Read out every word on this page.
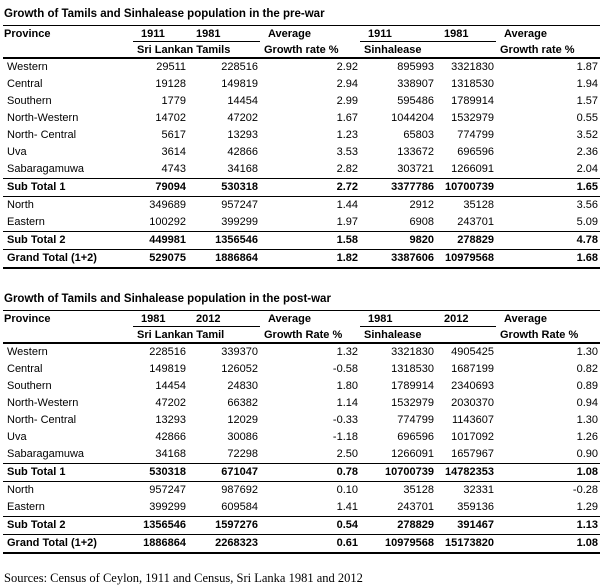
Growth of Tamils and Sinhalease population in the pre-war
Province	1911	1981	Average	1911	1981	Average
	Sri Lankan Tamils		Growth rate %	Sinhalease		Growth rate %
Western	29511	228516	2.92	895993	3321830	1.87
Central	19128	149819	2.94	338907	1318530	1.94
Southern	1779	14454	2.99	595486	1789914	1.57
North-Western	14702	47202	1.67	1044204	1532979	0.55
North- Central	5617	13293	1.23	65803	774799	3.52
Uva	3614	42866	3.53	133672	696596	2.36
Sabaragamuwa	4743	34168	2.82	303721	1266091	2.04
Sub Total 1	79094	530318	2.72	3377786	10700739	1.65
North	349689	957247	1.44	2912	35128	3.56
Eastern	100292	399299	1.97	6908	243701	5.09
Sub Total 2	449981	1356546	1.58	9820	278829	4.78
Grand Total (1+2)	529075	1886864	1.82	3387606	10979568	1.68
Growth of Tamils and Sinhalease population in the post-war
Province	1981	2012	Average	1981	2012	Average
	Sri Lankan Tamil		Growth Rate %	Sinhalease		Growth Rate %
Western	228516	339370	1.32	3321830	4905425	1.30
Central	149819	126052	-0.58	1318530	1687199	0.82
Southern	14454	24830	1.80	1789914	2340693	0.89
North-Western	47202	66382	1.14	1532979	2030370	0.94
North- Central	13293	12029	-0.33	774799	1143607	1.30
Uva	42866	30086	-1.18	696596	1017092	1.26
Sabaragamuwa	34168	72298	2.50	1266091	1657967	0.90
Sub Total 1	530318	671047	0.78	10700739	14782353	1.08
North	957247	987692	0.10	35128	32331	-0.28
Eastern	399299	609584	1.41	243701	359136	1.29
Sub Total 2	1356546	1597276	0.54	278829	391467	1.13
Grand Total (1+2)	1886864	2268323	0.61	10979568	15173820	1.08
Sources: Census of Ceylon, 1911 and Census, Sri Lanka 1981 and 2012
